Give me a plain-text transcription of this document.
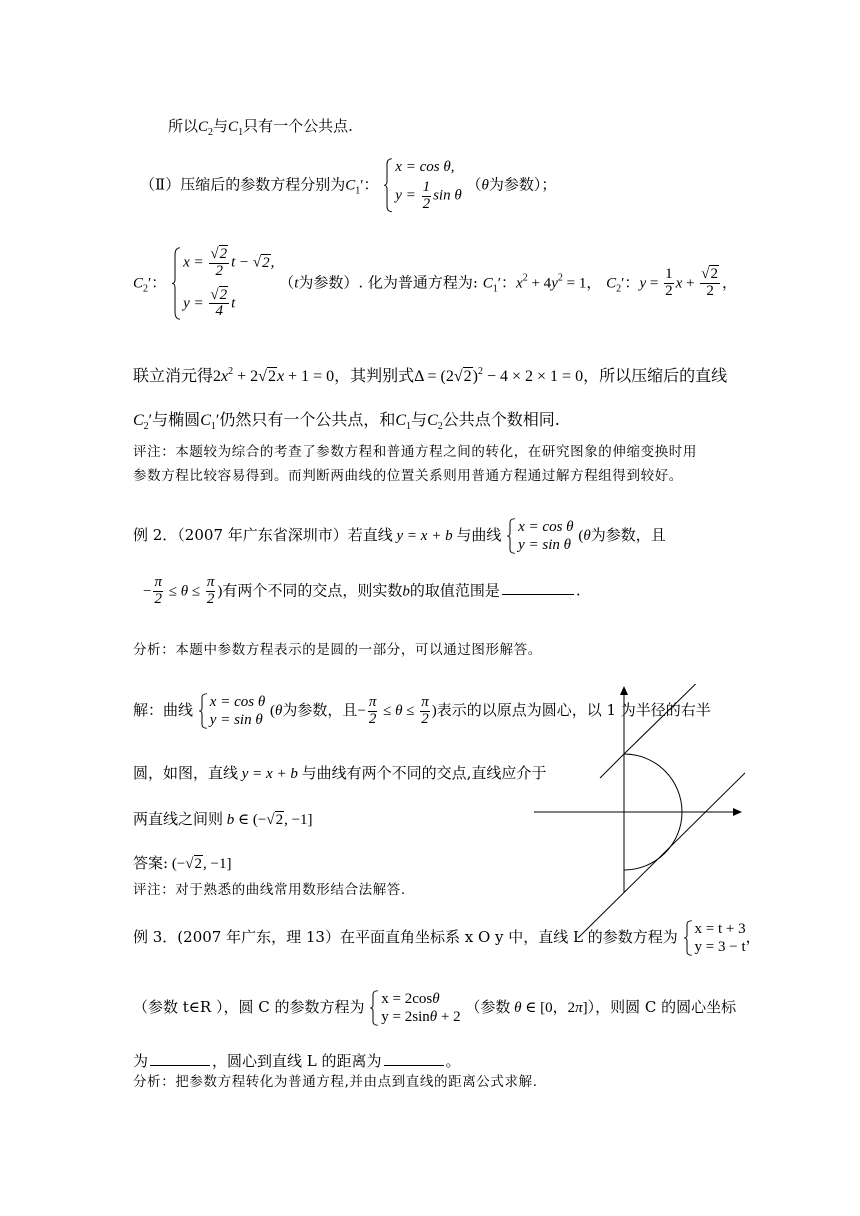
所以$C_2$与$C_1$只有一个公共点.
（Ⅱ）压缩后的参数方程分别为$C_1'$：
x = cos θ,
$y = \frac{1}{2}$ sin θ
（θ为参数）；
$C_2'$：
$x = \frac{√2}{2}$ t − √2,
$y = \frac{√2}{4}$ t
（t为参数）. 化为普通方程为: $C_1'$：$x^2 + 4y^2 = 1$， $C_2'$：$y = \frac{1}{2}$ $x + \frac{√2}{2}$ ，
联立消元得$2x^2 + 2√2x + 1 = 0$，其判别式$\Delta = (2√2)^2 - 4 \times 2 \times 1 = 0$，所以压缩后的直线
$C_2'$与椭圆$C_1'$仍然只有一个公共点，和$C_1$与$C_2$公共点个数相同.
评注：本题较为综合的考查了参数方程和普通方程之间的转化，在研究图象的伸缩变换时用
参数方程比较容易得到。而判断两曲线的位置关系则用普通方程通过解方程组得到较好。
例 2．（2007 年广东省深圳市）若直线 y = x + b 与曲线 x = cos θ
y = sin θ
(θ为参数，且
− $\frac{\pi}{2} \le \theta \le \frac{\pi}{2}$ )有两个不同的交点，则实数b的取值范围是	.
分析：本题中参数方程表示的是圆的一部分，可以通过图形解答。
解：曲线 x = cos θ
y = sin θ
(θ为参数，且− $\frac{\pi}{2} \le \theta \le \frac{\pi}{2}$ )表示的以原点为圆心，以 1 为半径的右半
圆，如图，直线 y = x + b 与曲线有两个不同的交点,直线应介于
两直线之间则 b ∈ (−√2, −1]
答案: (−√2, −1]
评注：对于熟悉的曲线常用数形结合法解答.
例 3．(2007 年广东，理 13）在平面直角坐标系 x O y 中，直线 L 的参数方程为 x = t + 3
y = 3 − t
，
（参数 t∈R ），圆 C 的参数方程为 x = 2cosθ
y = 2sinθ + 2
（参数 θ ∈ [0，2π]），则圆 C 的圆心坐标
为	，圆心到直线 L 的距离为	。
分析：把参数方程转化为普通方程,并由点到直线的距离公式求解.
